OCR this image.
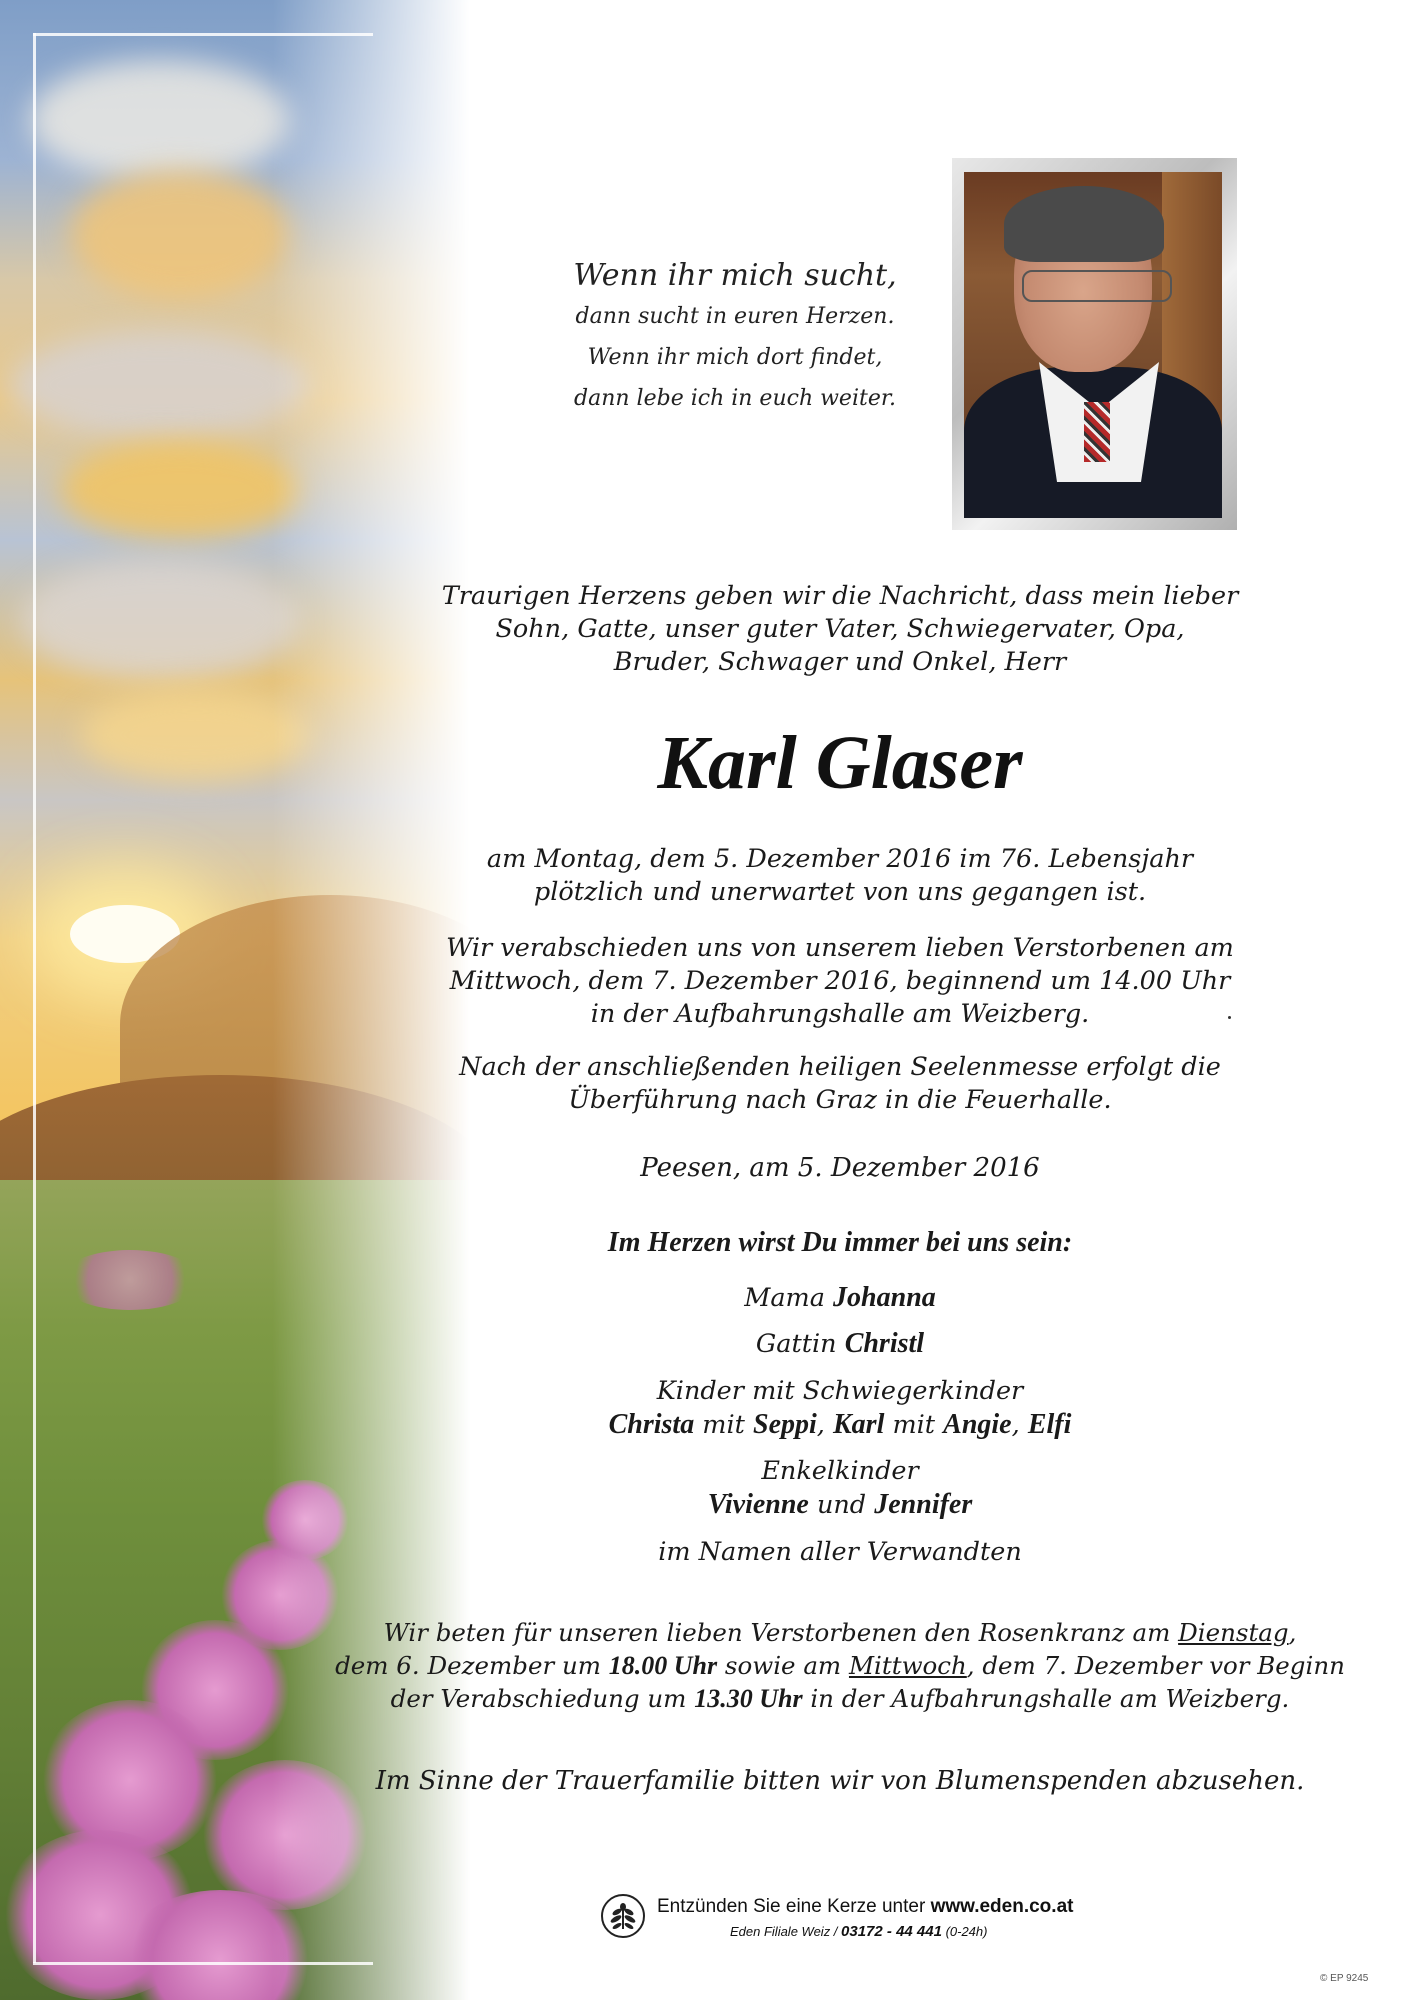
Wenn ihr mich sucht,
dann sucht in euren Herzen.
Wenn ihr mich dort findet,
dann lebe ich in euch weiter.
Traurigen Herzens geben wir die Nachricht, dass mein lieber
Sohn, Gatte, unser guter Vater, Schwiegervater, Opa,
Bruder, Schwager und Onkel, Herr
Karl Glaser
am Montag, dem 5. Dezember 2016 im 76. Lebensjahr
plötzlich und unerwartet von uns gegangen ist.
Wir verabschieden uns von unserem lieben Verstorbenen am
Mittwoch, dem 7. Dezember 2016, beginnend um 14.00 Uhr
in der Aufbahrungshalle am Weizberg.
Nach der anschließenden heiligen Seelenmesse erfolgt die
Überführung nach Graz in die Feuerhalle.
Peesen, am 5. Dezember 2016
Im Herzen wirst Du immer bei uns sein:
Mama Johanna
Gattin Christl
Kinder mit Schwiegerkinder
Christa mit Seppi, Karl mit Angie, Elfi
Enkelkinder
Vivienne und Jennifer
im Namen aller Verwandten
Wir beten für unseren lieben Verstorbenen den Rosenkranz am Dienstag,
dem 6. Dezember um 18.00 Uhr sowie am Mittwoch, dem 7. Dezember vor Beginn
der Verabschiedung um 13.30 Uhr in der Aufbahrungshalle am Weizberg.
Im Sinne der Trauerfamilie bitten wir von Blumenspenden abzusehen.
Entzünden Sie eine Kerze unter www.eden.co.at
Eden Filiale Weiz / 03172 - 44 441 (0-24h)
© EP 9245
